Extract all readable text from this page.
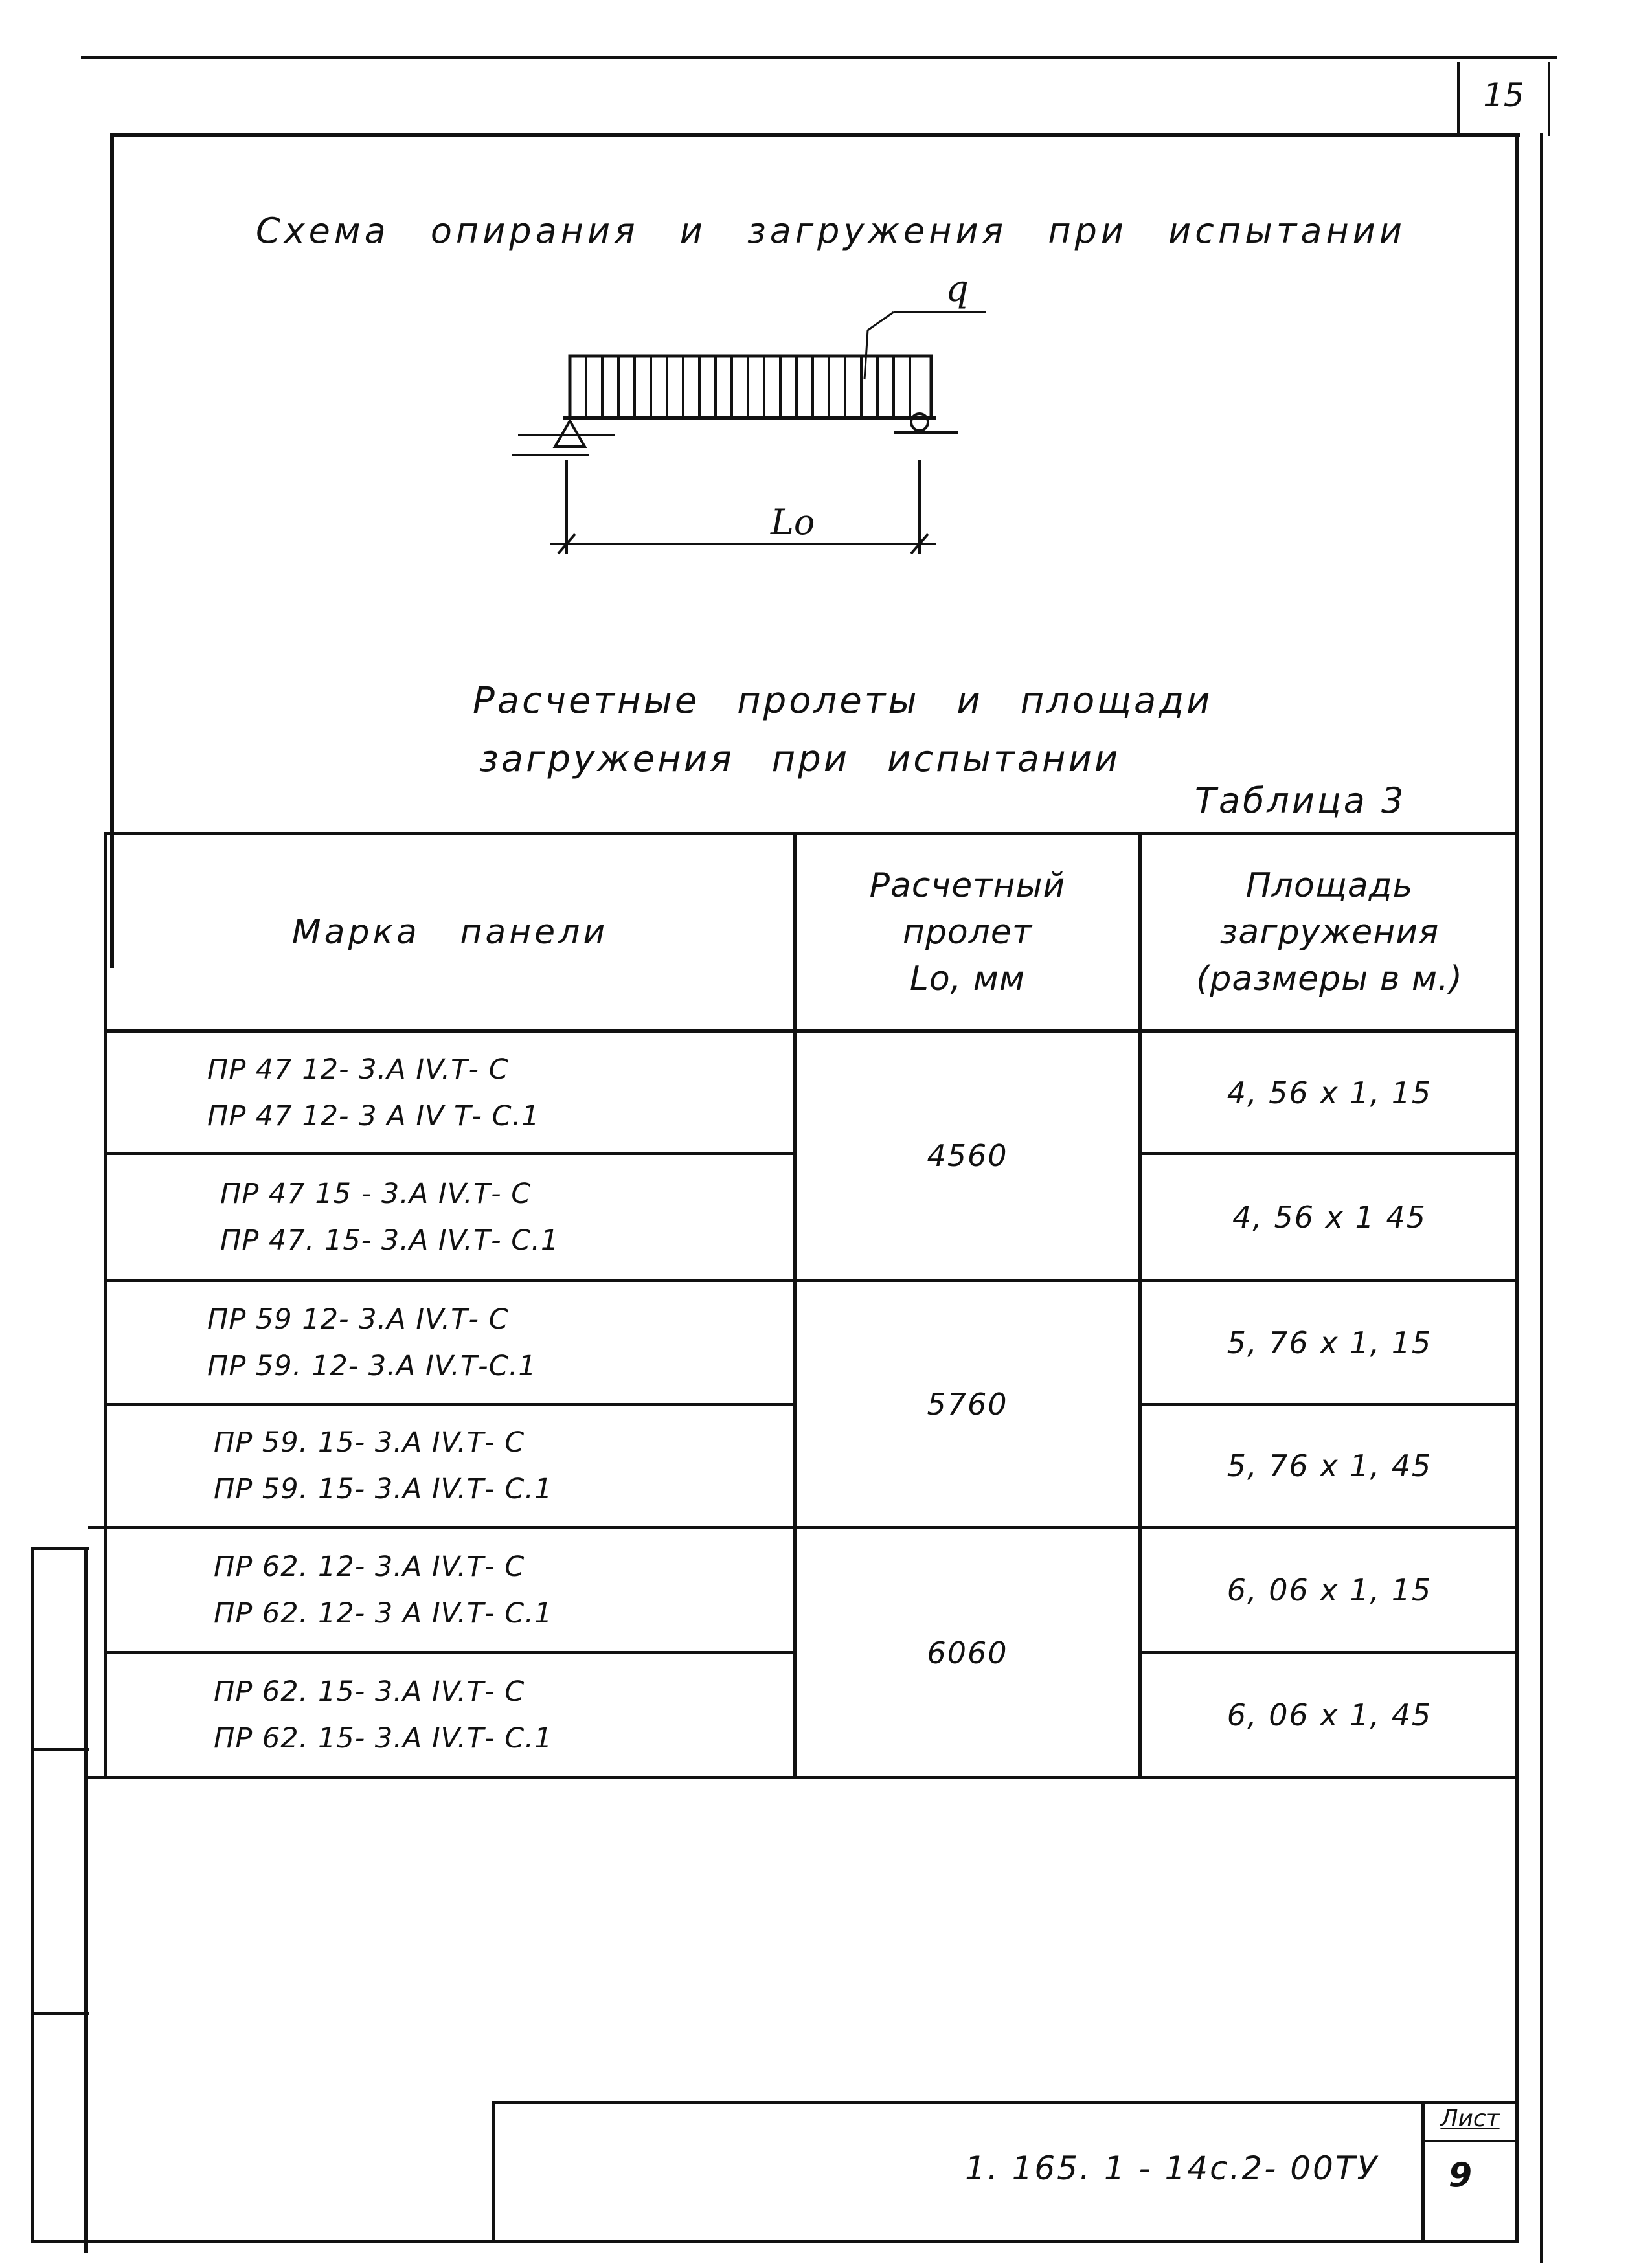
15
Схема опирания и загружения при испытании
q
Lo
Расчетные пролеты и площади
загружения при испытании
Таблица 3
Марка панели
Расчетный
пролет
Lo, мм
Площадь
загружения
(размеры в м.)
ПР 47 12- 3.А IV.Т- С
ПР 47 12- 3 А IV Т- С.1
ПР 47 15 - 3.А IV.Т- С
ПР 47. 15- 3.А IV.Т- С.1
4560
4, 56 х 1, 15
4, 56 х 1 45
ПР 59 12- 3.А IV.Т- С
ПР 59. 12- 3.А IV.Т-С.1
ПР 59. 15- 3.А IV.Т- С
ПР 59. 15- 3.А IV.Т- С.1
5760
5, 76 х 1, 15
5, 76 х 1, 45
ПР 62. 12- 3.А IV.Т- С
ПР 62. 12- 3 А IV.Т- С.1
ПР 62. 15- 3.А IV.Т- С
ПР 62. 15- 3.А IV.Т- С.1
6060
6, 06 х 1, 15
6, 06 х 1, 45
1. 165. 1 - 14с.2- 00ТУ
Лист
9
